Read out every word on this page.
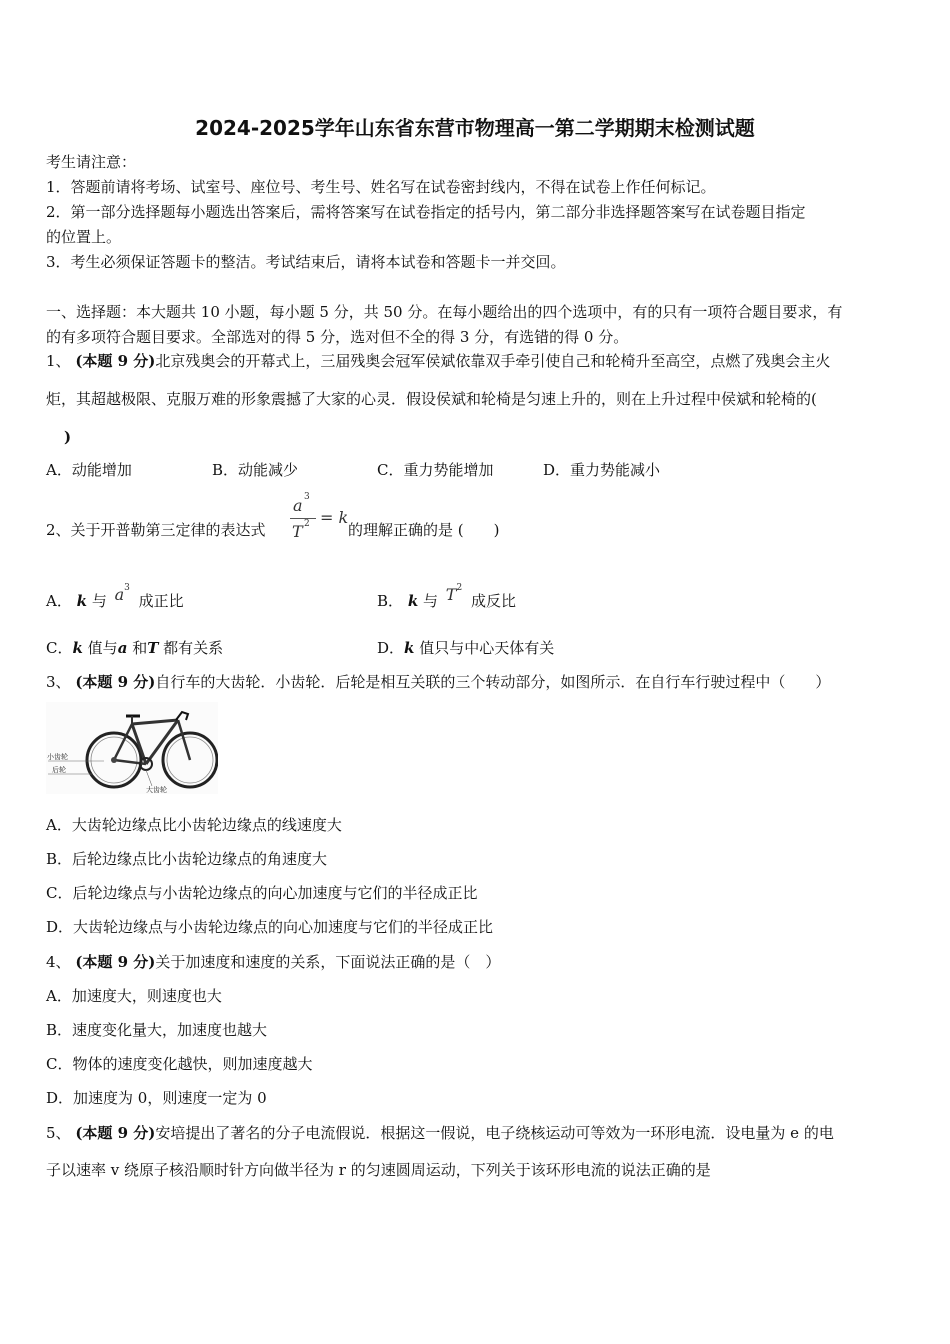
2024-2025学年山东省东营市物理高一第二学期期末检测试题
考生请注意：
1．答题前请将考场、试室号、座位号、考生号、姓名写在试卷密封线内，不得在试卷上作任何标记。
2．第一部分选择题每小题选出答案后，需将答案写在试卷指定的括号内，第二部分非选择题答案写在试卷题目指定
的位置上。
3．考生必须保证答题卡的整洁。考试结束后，请将本试卷和答题卡一并交回。
一、选择题：本大题共 10 小题，每小题 5 分，共 50 分。在每小题给出的四个选项中，有的只有一项符合题目要求，有
的有多项符合题目要求。全部选对的得 5 分，选对但不全的得 3 分，有选错的得 0 分。
1、 (本题 9 分)北京残奥会的开幕式上，三届残奥会冠军侯斌依靠双手牵引使自己和轮椅升至高空，点燃了残奥会主火
炬，其超越极限、克服万难的形象震撼了大家的心灵．假设侯斌和轮椅是匀速上升的，则在上升过程中侯斌和轮椅的(
)
A．动能增加	B．动能减少	C．重力势能增加	D．重力势能减小
2、关于开普勒第三定律的表达式
a 3
T 2 = k
的理解正确的是 (　　)
A． k 与 $a^3$ 成正比	B． k 与 $T^2$ 成反比
C．k 值与a 和T 都有关系	D．k 值只与中心天体有关
3、 (本题 9 分)自行车的大齿轮．小齿轮．后轮是相互关联的三个转动部分，如图所示．在自行车行驶过程中（　　）
小齿轮
后轮
大齿轮
A．大齿轮边缘点比小齿轮边缘点的线速度大
B．后轮边缘点比小齿轮边缘点的角速度大
C．后轮边缘点与小齿轮边缘点的向心加速度与它们的半径成正比
D．大齿轮边缘点与小齿轮边缘点的向心加速度与它们的半径成正比
4、 (本题 9 分)关于加速度和速度的关系，下面说法正确的是（　）
A．加速度大，则速度也大
B．速度变化量大，加速度也越大
C．物体的速度变化越快，则加速度越大
D．加速度为 0，则速度一定为 0
5、 (本题 9 分)安培提出了著名的分子电流假说．根据这一假说，电子绕核运动可等效为一环形电流．设电量为 e 的电
子以速率 v 绕原子核沿顺时针方向做半径为 r 的匀速圆周运动，下列关于该环形电流的说法正确的是
